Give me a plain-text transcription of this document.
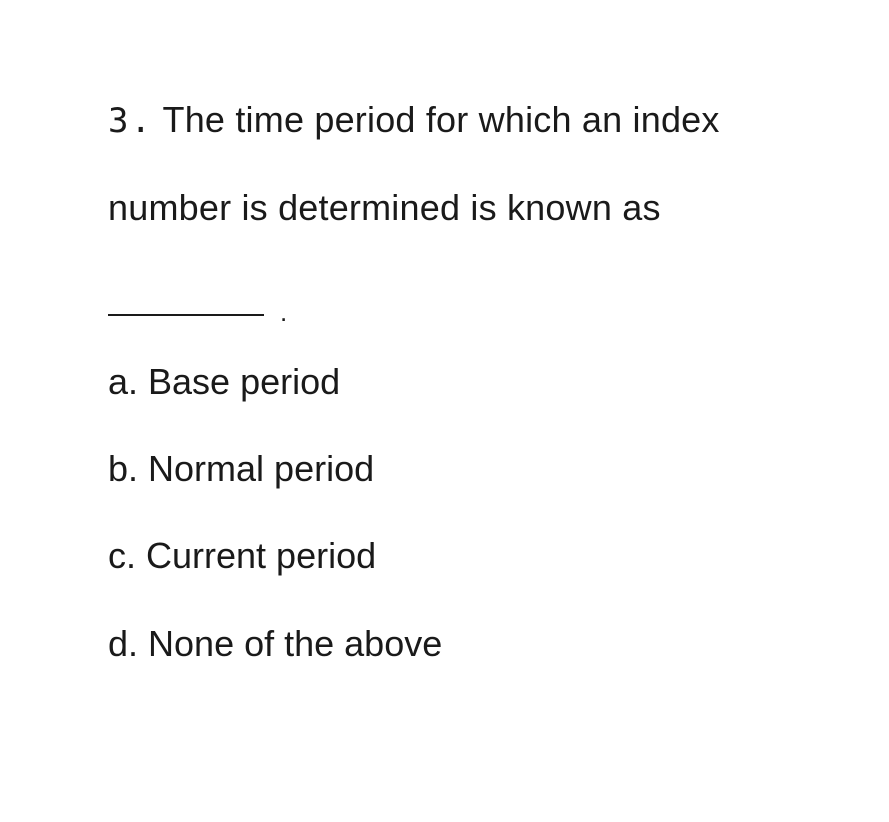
3. The time period for which an index
number is determined is known as
.
a. Base period
b. Normal period
c. Current period
d. None of the above
